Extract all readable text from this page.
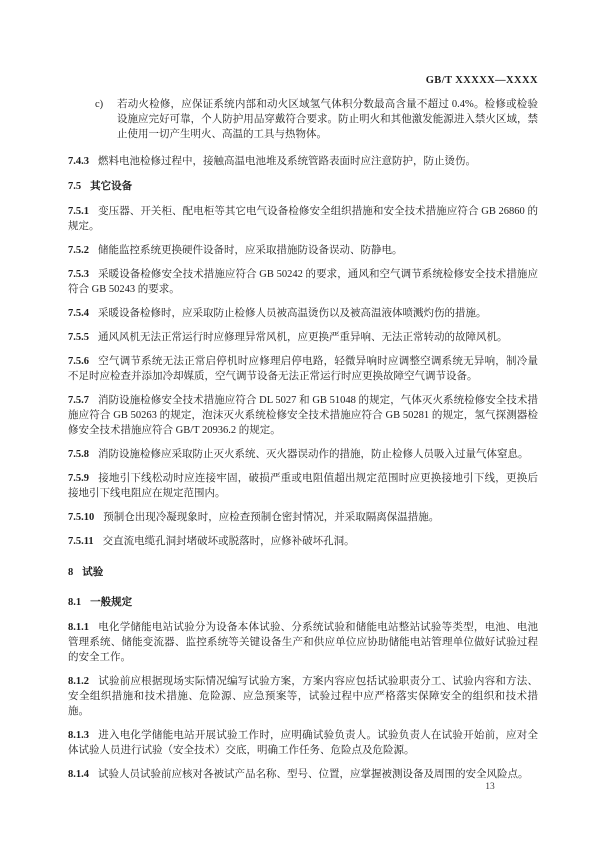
GB/T XXXXX—XXXX

c) 若动火检修，应保证系统内部和动火区域氢气体积分数最高含量不超过 0.4%。检修或检验设施应完好可靠，个人防护用品穿戴符合要求。防止明火和其他激发能源进入禁火区域，禁止使用一切产生明火、高温的工具与热物体。

7.4.3 燃料电池检修过程中，接触高温电池堆及系统管路表面时应注意防护，防止烫伤。

7.5 其它设备

7.5.1 变压器、开关柜、配电柜等其它电气设备检修安全组织措施和安全技术措施应符合 GB 26860 的规定。

7.5.2 储能监控系统更换硬件设备时，应采取措施防设备误动、防静电。

7.5.3 采暖设备检修安全技术措施应符合 GB 50242 的要求，通风和空气调节系统检修安全技术措施应符合 GB 50243 的要求。

7.5.4 采暖设备检修时，应采取防止检修人员被高温烫伤以及被高温液体喷溅灼伤的措施。

7.5.5 通风风机无法正常运行时应修理异常风机，应更换严重异响、无法正常转动的故障风机。

7.5.6 空气调节系统无法正常启停机时应修理启停电路，轻微异响时应调整空调系统无异响，制冷量不足时应检查并添加冷却媒质，空气调节设备无法正常运行时应更换故障空气调节设备。

7.5.7 消防设施检修安全技术措施应符合 DL 5027 和 GB 51048 的规定，气体灭火系统检修安全技术措施应符合 GB 50263 的规定，泡沫灭火系统检修安全技术措施应符合 GB 50281 的规定，氢气探测器检修安全技术措施应符合 GB/T 20936.2 的规定。

7.5.8 消防设施检修应采取防止灭火系统、灭火器误动作的措施，防止检修人员吸入过量气体窒息。

7.5.9 接地引下线松动时应连接牢固，破损严重或电阻值超出规定范围时应更换接地引下线，更换后接地引下线电阻应在规定范围内。

7.5.10 预制仓出现冷凝现象时，应检查预制仓密封情况，并采取隔离保温措施。

7.5.11 交直流电缆孔洞封堵破坏或脱落时，应修补破坏孔洞。

8 试验
8.1 一般规定

8.1.1 电化学储能电站试验分为设备本体试验、分系统试验和储能电站整站试验等类型，电池、电池管理系统、储能变流器、监控系统等关键设备生产和供应单位应协助储能电站管理单位做好试验过程的安全工作。

8.1.2 试验前应根据现场实际情况编写试验方案，方案内容应包括试验职责分工、试验内容和方法、安全组织措施和技术措施、危险源、应急预案等，试验过程中应严格落实保障安全的组织和技术措施。

8.1.3 进入电化学储能电站开展试验工作时，应明确试验负责人。试验负责人在试验开始前，应对全体试验人员进行试验（安全技术）交底，明确工作任务、危险点及危险源。

8.1.4 试验人员试验前应核对各被试产品名称、型号、位置，应掌握被测设备及周围的安全风险点。

13
